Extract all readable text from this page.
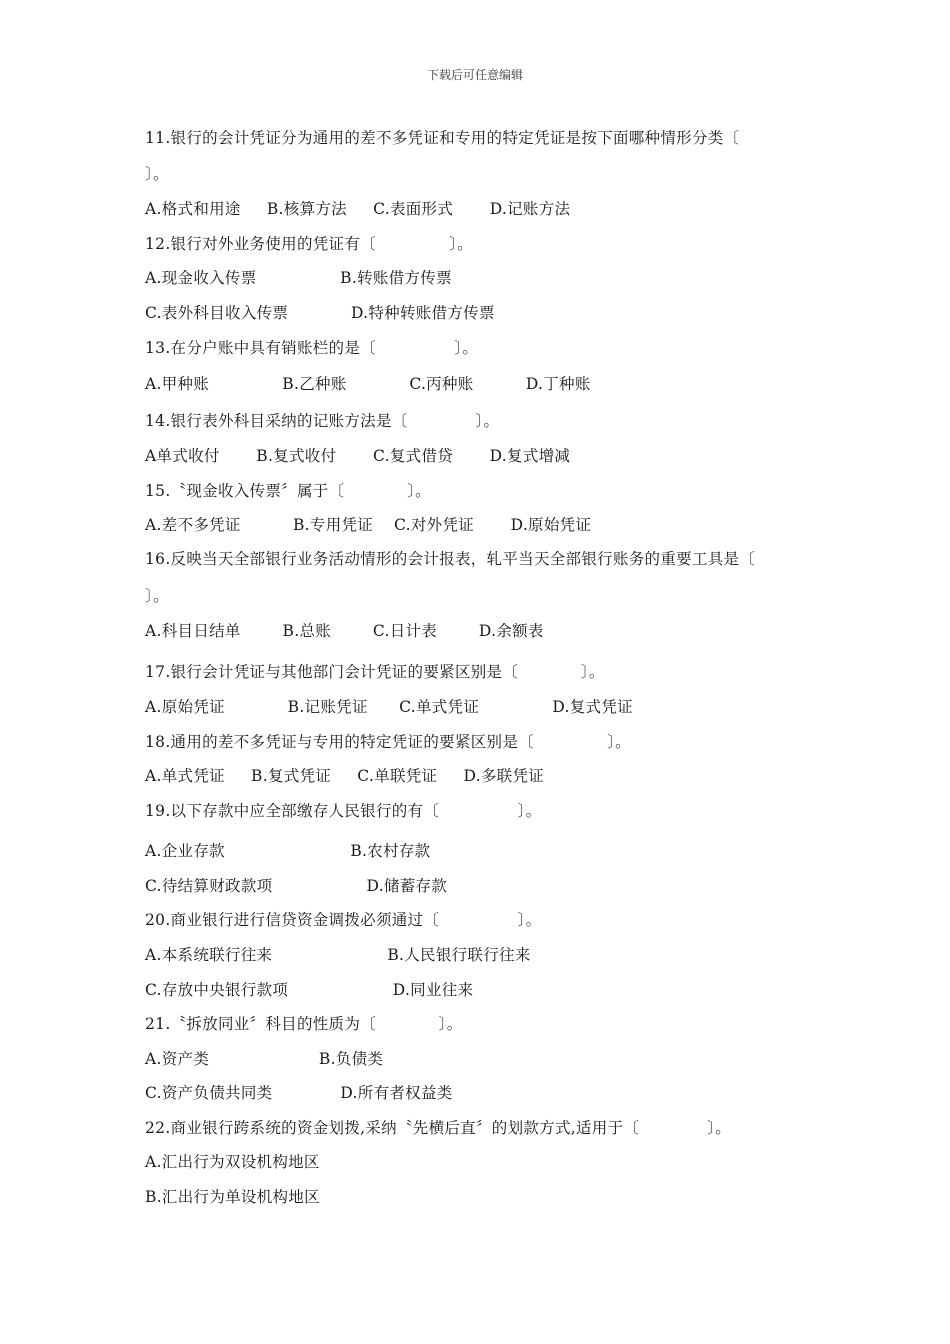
下载后可任意编辑
11.银行的会计凭证分为通用的差不多凭证和专用的特定凭证是按下面哪种情形分类〔
〕。
A.格式和用途     B.核算方法     C.表面形式       D.记账方法
12.银行对外业务使用的凭证有〔              〕。
A.现金收入传票                B.转账借方传票
C.表外科目收入传票            D.特种转账借方传票
13.在分户账中具有销账栏的是〔               〕。
A.甲种账              B.乙种账            C.丙种账          D.丁种账
14.银行表外科目采纳的记账方法是〔             〕。
A单式收付       B.复式收付       C.复式借贷       D.复式增减
15.〝现金收入传票〞属于〔            〕。
A.差不多凭证          B.专用凭证    C.对外凭证       D.原始凭证
16.反映当天全部银行业务活动情形的会计报表，轧平当天全部银行账务的重要工具是〔
〕。
A.科目日结单        B.总账        C.日计表        D.余额表
17.银行会计凭证与其他部门会计凭证的要紧区别是〔            〕。
A.原始凭证            B.记账凭证      C.单式凭证              D.复式凭证
18.通用的差不多凭证与专用的特定凭证的要紧区别是〔              〕。
A.单式凭证     B.复式凭证     C.单联凭证     D.多联凭证
19.以下存款中应全部缴存人民银行的有〔               〕。
A.企业存款                        B.农村存款
C.待结算财政款项                  D.储蓄存款
20.商业银行进行信贷资金调拨必须通过〔               〕。
A.本系统联行往来                      B.人民银行联行往来
C.存放中央银行款项                    D.同业往来
21.〝拆放同业〞科目的性质为〔            〕。
A.资产类                     B.负债类
C.资产负债共同类             D.所有者权益类
22.商业银行跨系统的资金划拨,采纳〝先横后直〞的划款方式,适用于〔             〕。
A.汇出行为双设机构地区
B.汇出行为单设机构地区
